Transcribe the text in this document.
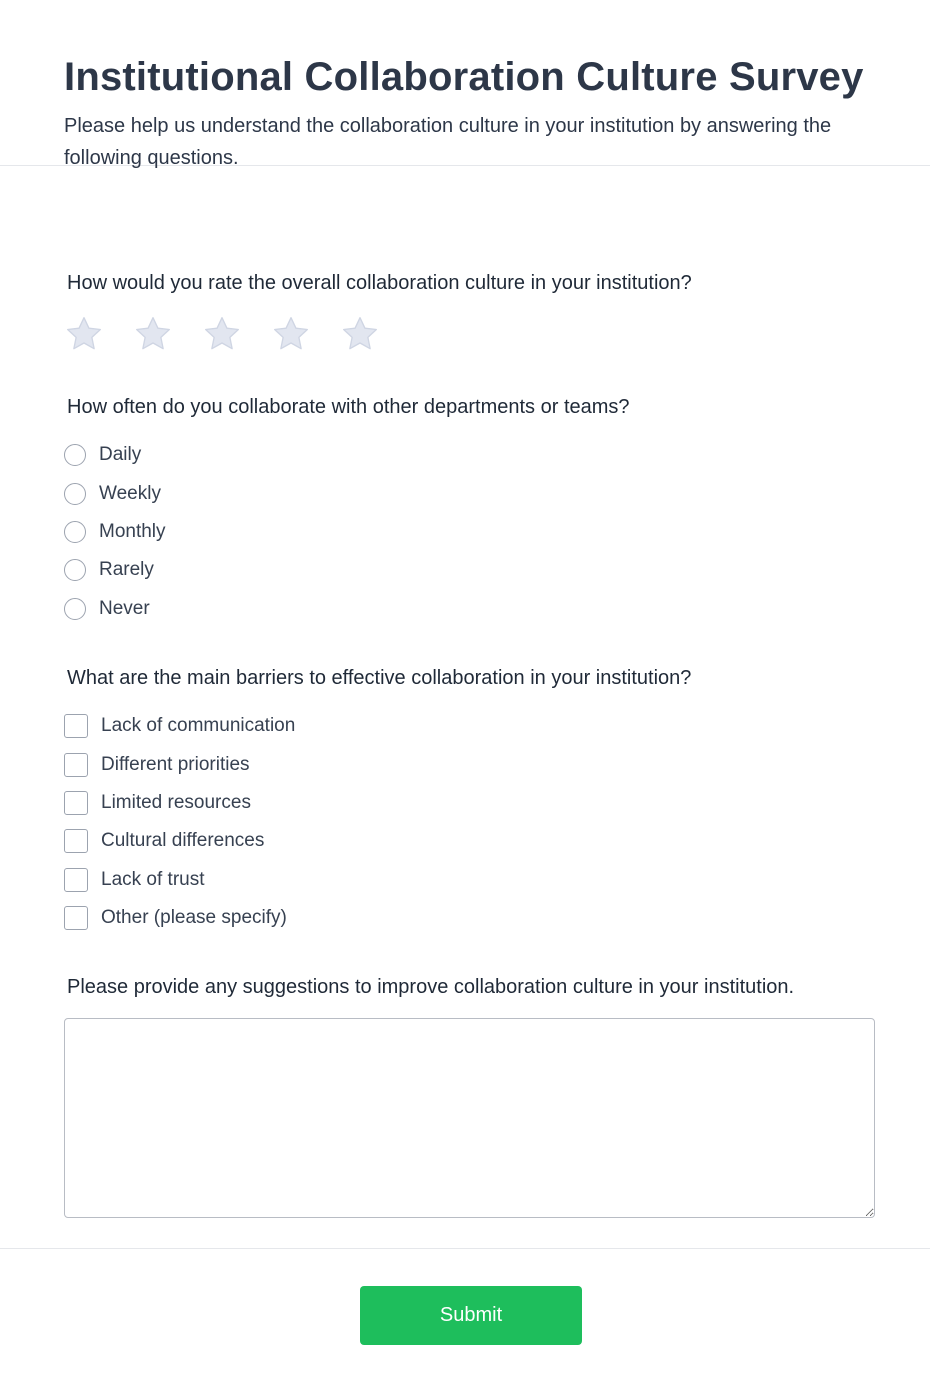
Institutional Collaboration Culture Survey

Please help us understand the collaboration culture in your institution by answering the following questions.

How would you rate the overall collaboration culture in your institution?
How often do you collaborate with other departments or teams?
Daily
Weekly
Monthly
Rarely
Never
What are the main barriers to effective collaboration in your institution?
Lack of communication
Different priorities
Limited resources
Cultural differences
Lack of trust
Other (please specify)
Please provide any suggestions to improve collaboration culture in your institution.
Submit
